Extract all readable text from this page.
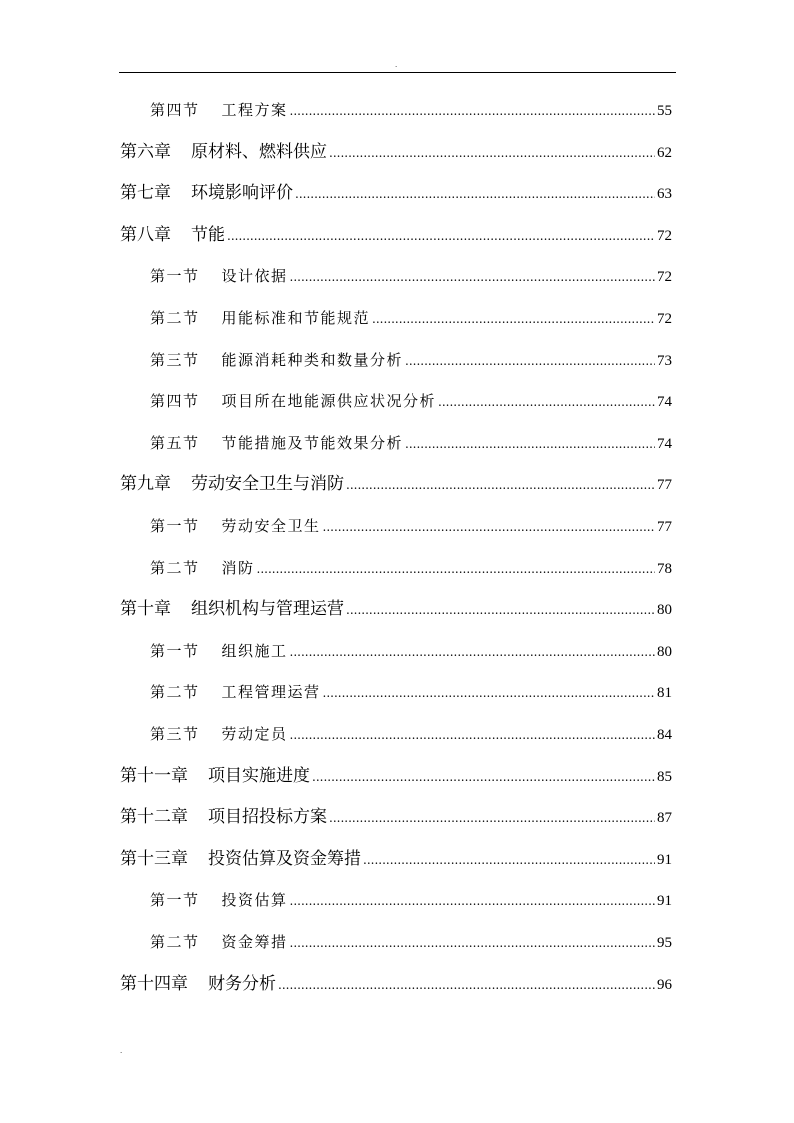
.
第四节 工程方案 .....	55
第六章 原材料、燃料供应 .....	62
第七章 环境影响评价 .....	63
第八章 节能 .....	72
第一节 设计依据 .....	72
第二节 用能标准和节能规范 .....	72
第三节 能源消耗种类和数量分析 .....	73
第四节 项目所在地能源供应状况分析 .....	74
第五节 节能措施及节能效果分析 .....	74
第九章 劳动安全卫生与消防 .....	77
第一节 劳动安全卫生 .....	77
第二节 消防 .....	78
第十章 组织机构与管理运营 .....	80
第一节 组织施工 .....	80
第二节 工程管理运营 .....	81
第三节 劳动定员 .....	84
第十一章 项目实施进度 .....	85
第十二章 项目招投标方案 .....	87
第十三章 投资估算及资金筹措 .....	91
第一节 投资估算 .....	91
第二节 资金筹措 .....	95
第十四章 财务分析 .....	96
.
